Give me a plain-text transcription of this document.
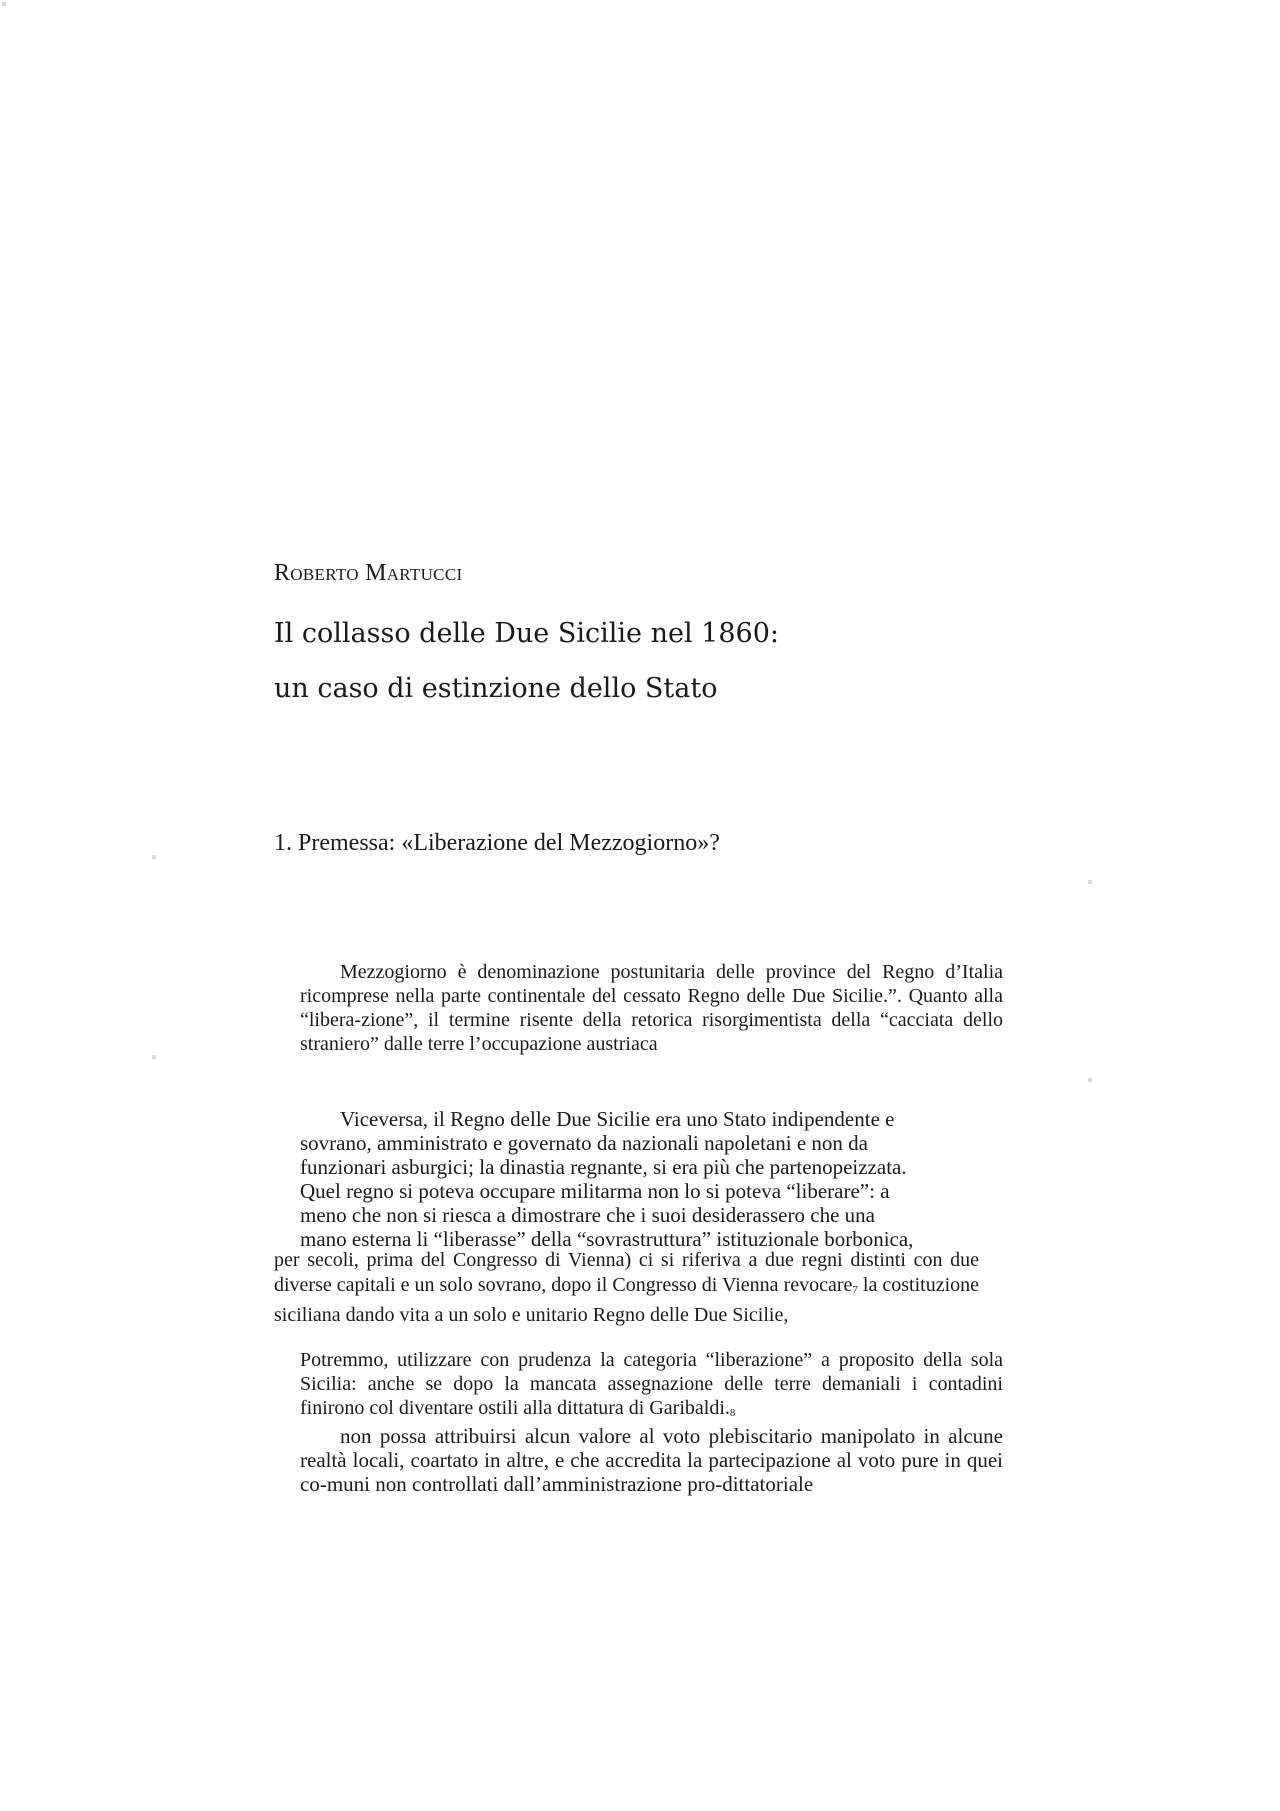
Roberto Martucci
Il collasso delle Due Sicilie nel 1860:
un caso di estinzione dello Stato
1. Premessa: «Liberazione del Mezzogiorno»?
Mezzogiorno è denominazione postunitaria delle province del Regno d’Italia ricomprese nella parte continentale del cessato Regno delle Due Sicilie.”. Quanto alla “libera-zione”, il termine risente della retorica risorgimentista della “cacciata dello straniero” dalle terre l’occupazione austriaca
Viceversa, il Regno delle Due Sicilie era uno Stato indipendente e
sovrano, amministrato e governato da nazionali napoletani e non da
funzionari asburgici; la dinastia regnante, si era più che partenopeizzata.
Quel regno si poteva occupare militarma non lo si poteva “liberare”: a
meno che non si riesca a dimostrare che i suoi desiderassero che una
mano esterna li “liberasse” della “sovrastruttura” istituzionale borbonica,
per secoli, prima del Congresso di Vienna) ci si riferiva a due regni distinti con due diverse capitali e un solo sovrano, dopo il Congresso di Vienna revocare$^7$ la costituzione siciliana dando vita a un solo e unitario Regno delle Due Sicilie,
Potremmo, utilizzare con prudenza la categoria “liberazione” a proposito della sola Sicilia: anche se dopo la mancata assegnazione delle terre demaniali i contadini finirono col diventare ostili alla dittatura di Garibaldi.$^8$
non possa attribuirsi alcun valore al voto plebiscitario manipolato in alcune realtà locali, coartato in altre, e che accredita la partecipazione al voto pure in quei co-muni non controllati dall’amministrazione pro-dittatoriale
